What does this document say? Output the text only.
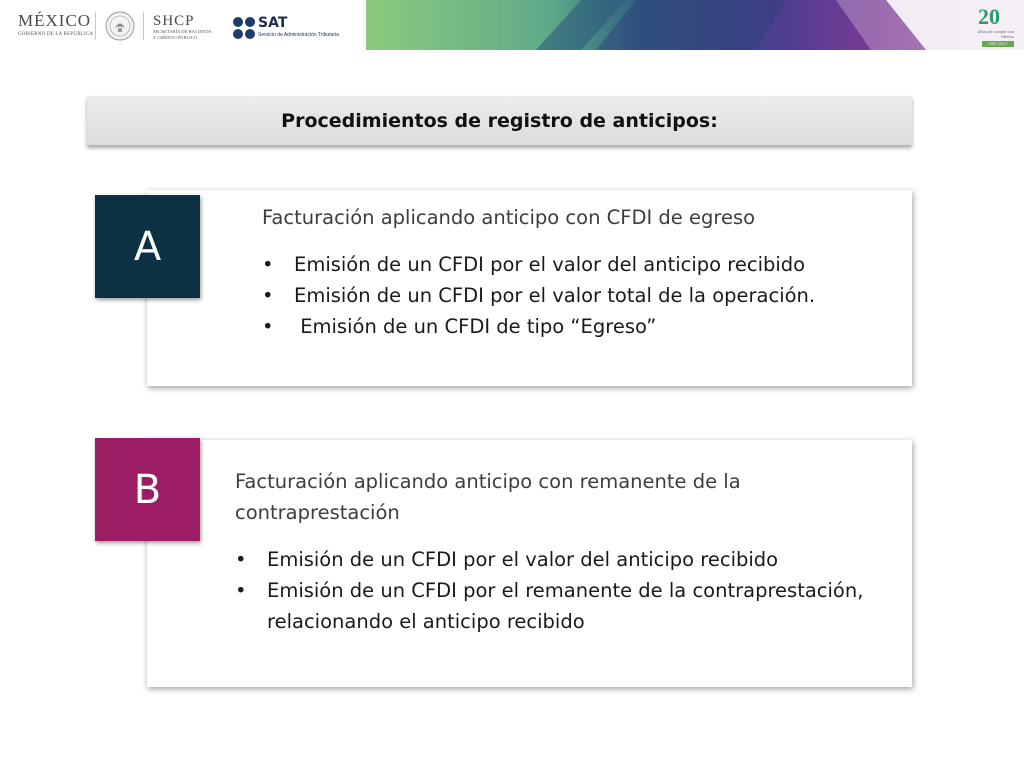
MÉXICO
GOBIERNO DE LA REPÚBLICA
SHCP
SECRETARÍA DE HACIENDA
Y CRÉDITO PÚBLICO
SAT
Servicio de Administración Tributaria
20
Años de cumplir con México
1997-2017
Procedimientos de registro de anticipos:
Facturación aplicando anticipo con CFDI de egreso
•	Emisión de un CFDI por el valor del anticipo recibido
•	Emisión de un CFDI por el valor total de la operación.
•	Emisión de un CFDI de tipo “Egreso”
A
Facturación aplicando anticipo con remanente de la contraprestación
•	Emisión de un CFDI por el valor del anticipo recibido
•	Emisión de un CFDI por el remanente de la contraprestación, relacionando el anticipo recibido
B
